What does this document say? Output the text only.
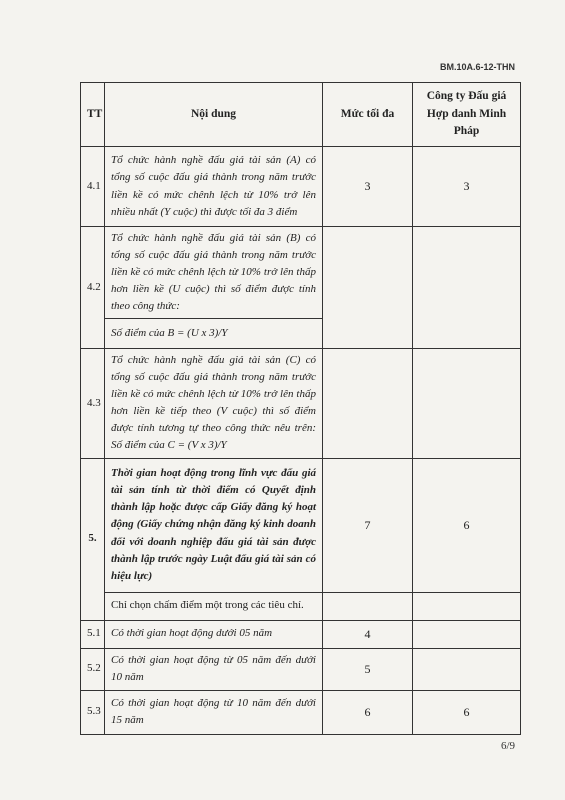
BM.10A.6-12-THN
TT	Nội dung	Mức tối đa	Công ty Đấu giá Hợp danh Minh Pháp
4.1	Tổ chức hành nghề đấu giá tài sản (A) có tổng số cuộc đấu giá thành trong năm trước liền kề có mức chênh lệch từ 10% trở lên nhiều nhất (Y cuộc) thì được tối đa 3 điểm	3	3
4.2	Tổ chức hành nghề đấu giá tài sản (B) có tổng số cuộc đấu giá thành trong năm trước liền kề có mức chênh lệch từ 10% trở lên thấp hơn liền kề (U cuộc) thì số điểm được tính theo công thức:		
	Số điểm của B = (U x 3)/Y		
4.3	Tổ chức hành nghề đấu giá tài sản (C) có tổng số cuộc đấu giá thành trong năm trước liền kề có mức chênh lệch từ 10% trở lên thấp hơn liền kề tiếp theo (V cuộc) thì số điểm được tính tương tự theo công thức nêu trên: Số điểm của C = (V x 3)/Y		
5.	Thời gian hoạt động trong lĩnh vực đấu giá tài sản tính từ thời điểm có Quyết định thành lập hoặc được cấp Giấy đăng ký hoạt động (Giấy chứng nhận đăng ký kinh doanh đối với doanh nghiệp đấu giá tài sản được thành lập trước ngày Luật đấu giá tài sản có hiệu lực)	7	6
	Chỉ chọn chấm điểm một trong các tiêu chí.		
5.1	Có thời gian hoạt động dưới 05 năm	4	
5.2	Có thời gian hoạt động từ 05 năm đến dưới 10 năm	5	
5.3	Có thời gian hoạt động từ 10 năm đến dưới 15 năm	6	6
6/9
